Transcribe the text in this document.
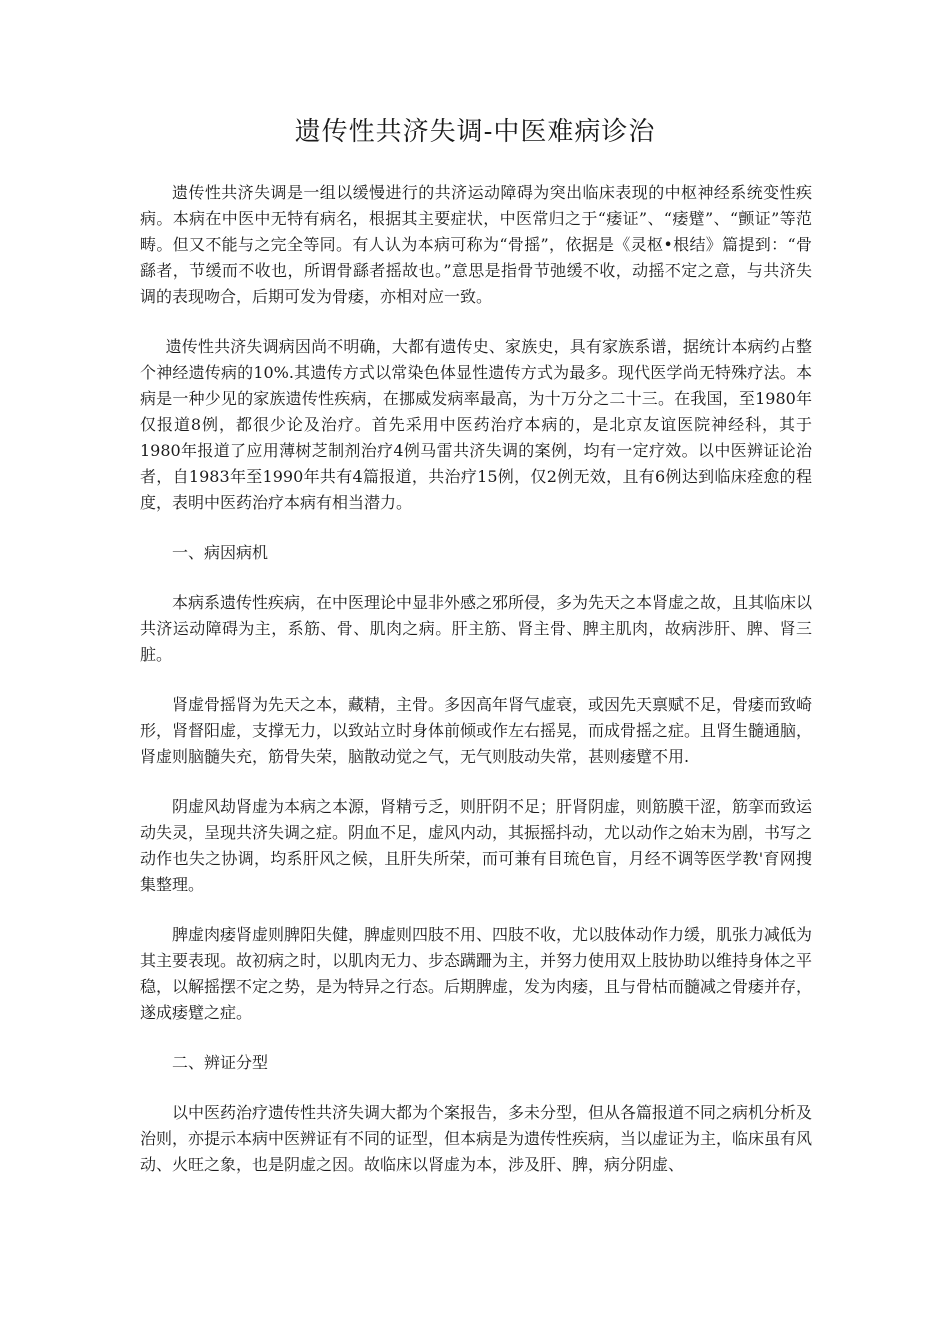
遗传性共济失调-中医难病诊治

遗传性共济失调是一组以缓慢进行的共济运动障碍为突出临床表现的中枢神经系统变性疾病。本病在中医中无特有病名，根据其主要症状，中医常归之于“痿证”、“痿躄”、“颤证”等范畴。但又不能与之完全等同。有人认为本病可称为“骨摇”，依据是《灵枢•根结》篇提到：“骨繇者，节缓而不收也，所谓骨繇者摇故也。”意思是指骨节弛缓不收，动摇不定之意，与共济失调的表现吻合，后期可发为骨痿，亦相对应一致。

遗传性共济失调病因尚不明确，大都有遗传史、家族史，具有家族系谱，据统计本病约占整个神经遗传病的10%.其遗传方式以常染色体显性遗传方式为最多。现代医学尚无特殊疗法。本病是一种少见的家族遗传性疾病，在挪威发病率最高，为十万分之二十三。在我国，至1980年仅报道8例，都很少论及治疗。首先采用中医药治疗本病的，是北京友谊医院神经科，其于1980年报道了应用薄树芝制剂治疗4例马雷共济失调的案例，均有一定疗效。以中医辨证论治者，自1983年至1990年共有4篇报道，共治疗15例，仅2例无效，且有6例达到临床痊愈的程度，表明中医药治疗本病有相当潜力。

一、病因病机

本病系遗传性疾病，在中医理论中显非外感之邪所侵，多为先天之本肾虚之故，且其临床以共济运动障碍为主，系筋、骨、肌肉之病。肝主筋、肾主骨、脾主肌肉，故病涉肝、脾、肾三脏。

肾虚骨摇肾为先天之本，藏精，主骨。多因高年肾气虚衰，或因先天禀赋不足，骨痿而致崎形，肾督阳虚，支撑无力，以致站立时身体前倾或作左右摇晃，而成骨摇之症。且肾生髓通脑，肾虚则脑髓失充，筋骨失荣，脑散动觉之气，无气则肢动失常，甚则痿躄不用.

阴虚风劫肾虚为本病之本源，肾精亏乏，则肝阴不足；肝肾阴虚，则筋膜干涩，筋挛而致运动失灵，呈现共济失调之症。阴血不足，虚风内动，其振摇抖动，尤以动作之始末为剧，书写之动作也失之协调，均系肝风之候，且肝失所荣，而可兼有目琉色盲，月经不调等医学教'育网搜集整理。

脾虚肉痿肾虚则脾阳失健，脾虚则四肢不用、四肢不收，尤以肢体动作力缓，肌张力减低为其主要表现。故初病之时，以肌肉无力、步态蹒跚为主，并努力使用双上肢协助以维持身体之平稳，以解摇摆不定之势，是为特异之行态。后期脾虚，发为肉痿，且与骨枯而髓减之骨痿并存，遂成痿躄之症。

二、辨证分型

以中医药治疗遗传性共济失调大都为个案报告，多未分型，但从各篇报道不同之病机分析及治则，亦提示本病中医辨证有不同的证型，但本病是为遗传性疾病，当以虚证为主，临床虽有风动、火旺之象，也是阴虚之因。故临床以肾虚为本，涉及肝、脾，病分阴虚、
